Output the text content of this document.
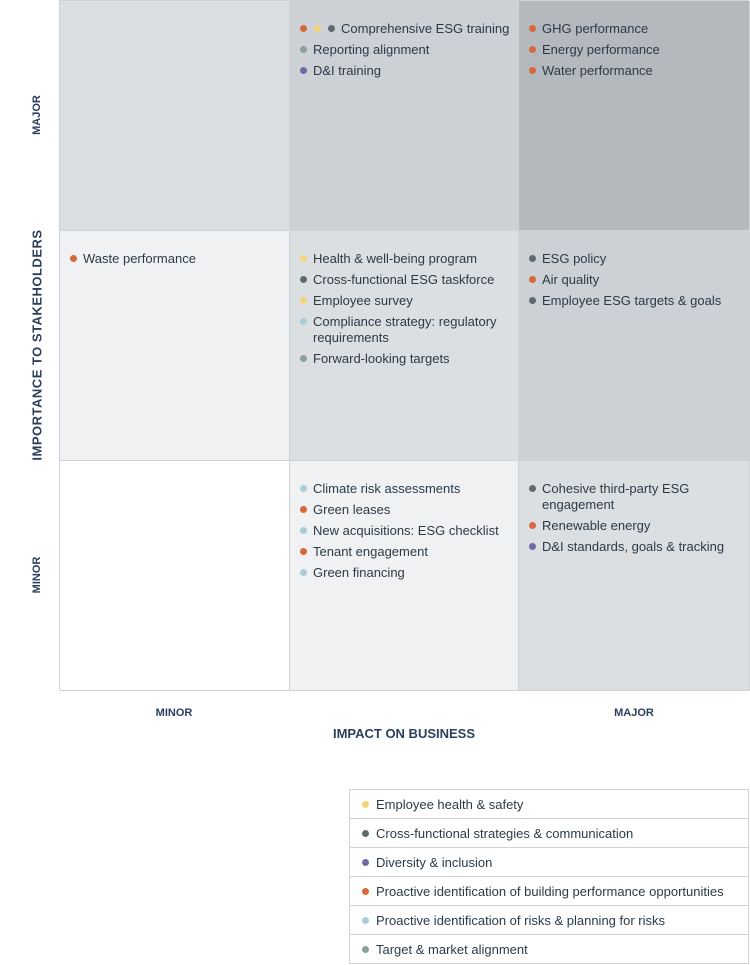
IMPORTANCE TO STAKEHOLDERS
MAJOR
MINOR
Comprehensive ESG training
Reporting alignment
D&I training
GHG performance
Energy performance
Water performance
Waste performance	Health & well-being program
Cross-functional ESG taskforce
Employee survey
Compliance strategy: regulatory requirements
Forward-looking targets
ESG policy
Air quality
Employee ESG targets & goals
Climate risk assessments
Green leases
New acquisitions: ESG checklist
Tenant engagement
Green financing
Cohesive third-party ESG engagement
Renewable energy
D&I standards, goals & tracking
MINOR	MAJOR
IMPACT ON BUSINESS
Employee health & safety
Cross-functional strategies & communication
Diversity & inclusion
Proactive identification of building performance opportunities
Proactive identification of risks & planning for risks
Target & market alignment
